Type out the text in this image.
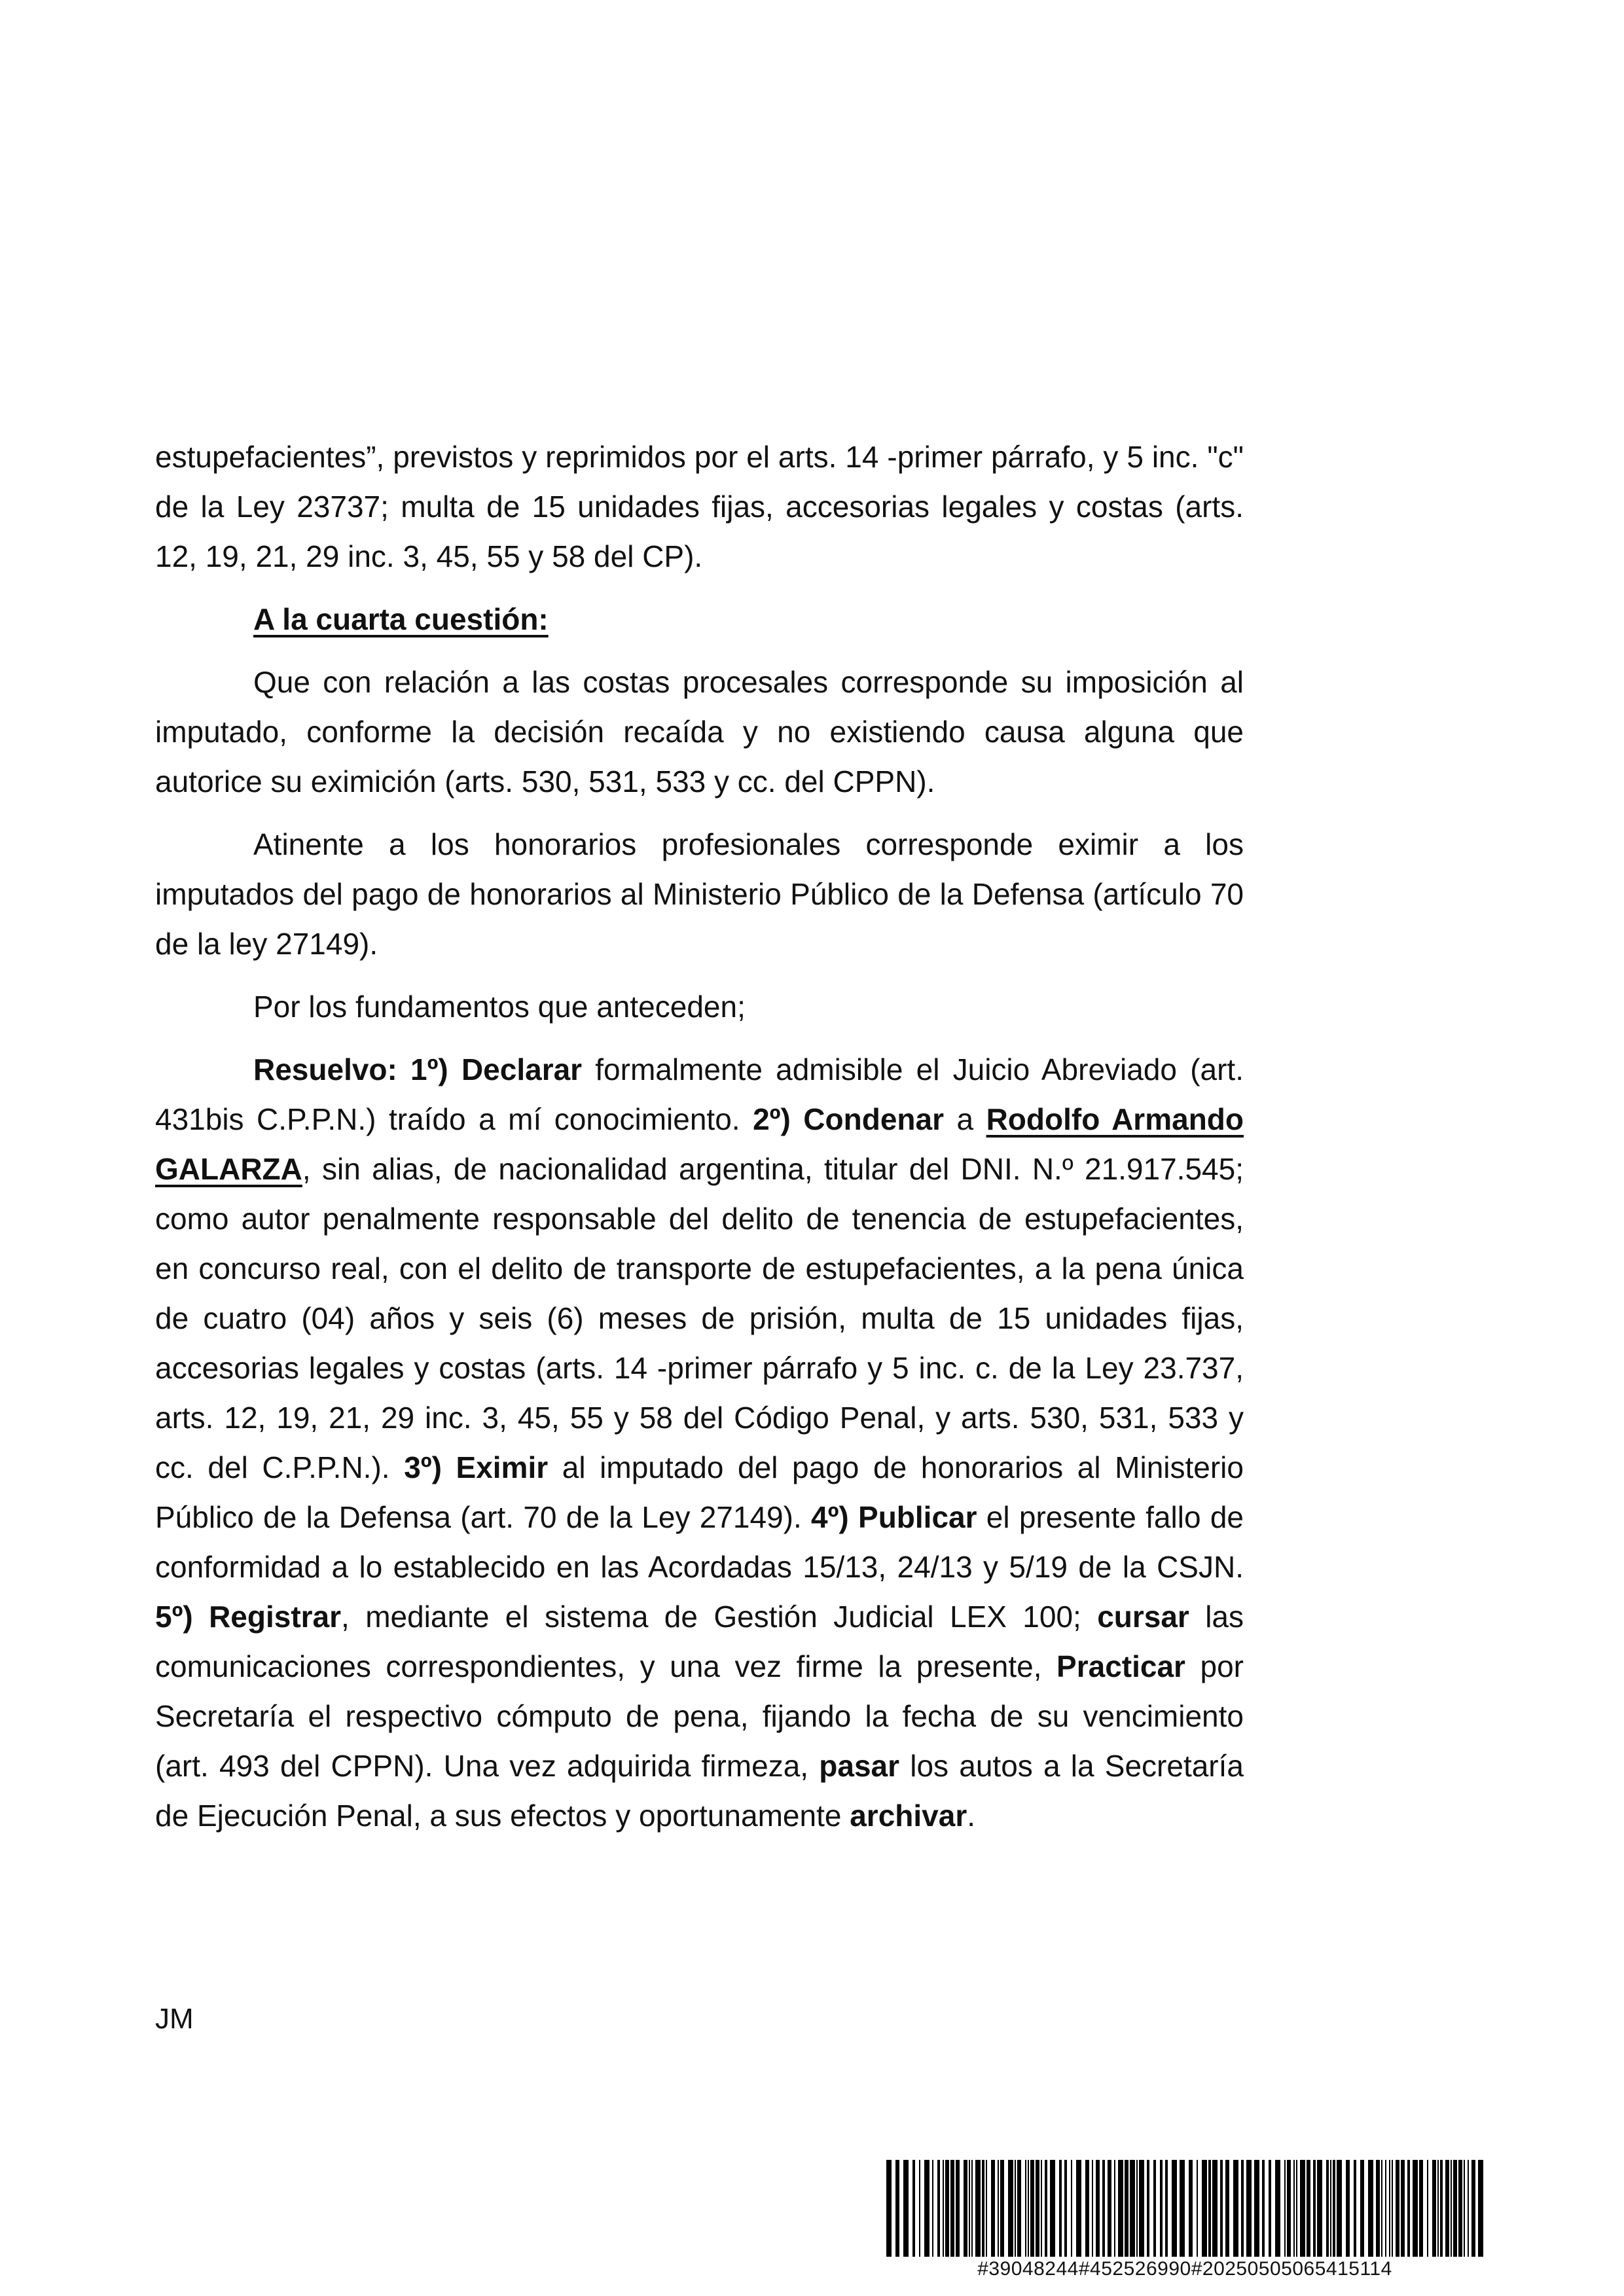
estupefacientes”, previstos y reprimidos por el arts. 14 -primer párrafo, y 5 inc. "c" de la Ley 23737; multa de 15 unidades fijas, accesorias legales y costas (arts. 12, 19, 21, 29 inc. 3, 45, 55 y 58 del CP).

A la cuarta cuestión:

Que con relación a las costas procesales corresponde su imposición al imputado, conforme la decisión recaída y no existiendo causa alguna que autorice su eximición (arts. 530, 531, 533 y cc. del CPPN).

Atinente a los honorarios profesionales corresponde eximir a los imputados del pago de honorarios al Ministerio Público de la Defensa (artículo 70 de la ley 27149).

Por los fundamentos que anteceden;

Resuelvo: 1º) Declarar formalmente admisible el Juicio Abreviado (art. 431bis C.P.P.N.) traído a mí conocimiento. 2º) Condenar a Rodolfo Armando GALARZA, sin alias, de nacionalidad argentina, titular del DNI. N.º 21.917.545; como autor penalmente responsable del delito de tenencia de estupefacientes, en concurso real, con el delito de transporte de estupefacientes, a la pena única de cuatro (04) años y seis (6) meses de prisión, multa de 15 unidades fijas, accesorias legales y costas (arts. 14 -primer párrafo y 5 inc. c. de la Ley 23.737, arts. 12, 19, 21, 29 inc. 3, 45, 55 y 58 del Código Penal, y arts. 530, 531, 533 y cc. del C.P.P.N.). 3º) Eximir al imputado del pago de honorarios al Ministerio Público de la Defensa (art. 70 de la Ley 27149). 4º) Publicar el presente fallo de conformidad a lo establecido en las Acordadas 15/13, 24/13 y 5/19 de la CSJN. 5º) Registrar, mediante el sistema de Gestión Judicial LEX 100; cursar las comunicaciones correspondientes, y una vez firme la presente, Practicar por Secretaría el respectivo cómputo de pena, fijando la fecha de su vencimiento (art. 493 del CPPN). Una vez adquirida firmeza, pasar los autos a la Secretaría de Ejecución Penal, a sus efectos y oportunamente archivar.

JM
#39048244#452526990#20250505065415114
